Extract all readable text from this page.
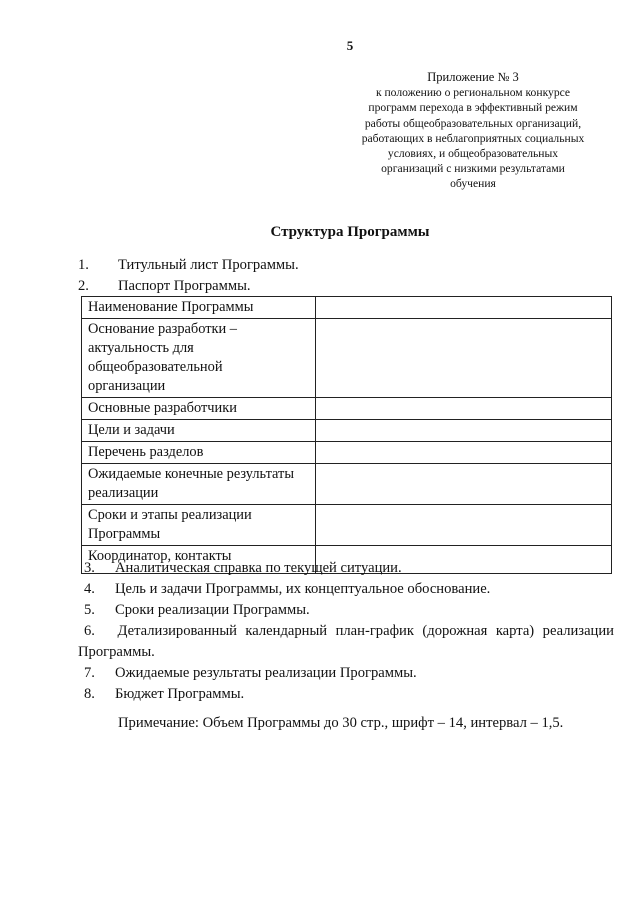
5
Приложение № 3
к положению о региональном конкурсе
программ перехода в эффективный режим
работы общеобразовательных организаций,
работающих в неблагоприятных социальных
условиях, и общеобразовательных
организаций с низкими результатами
обучения
Структура Программы
1. Титульный лист Программы.
2. Паспорт Программы.
Наименование Программы	

Основание разработки –
актуальность для
общеобразовательной
организации	

Основные разработчики	

Цели и задачи	

Перечень разделов	

Ожидаемые конечные результаты
реализации	

Сроки и этапы реализации
Программы	

Координатор, контакты	

3. Аналитическая справка по текущей ситуации.
4. Цель и задачи Программы, их концептуальное обоснование.
5. Сроки реализации Программы.
6.	Детализированный календарный план-график (дорожная карта) реализации
Программы.
7. Ожидаемые результаты реализации Программы.
8. Бюджет Программы.
Примечание: Объем Программы до 30 стр., шрифт – 14, интервал – 1,5.
